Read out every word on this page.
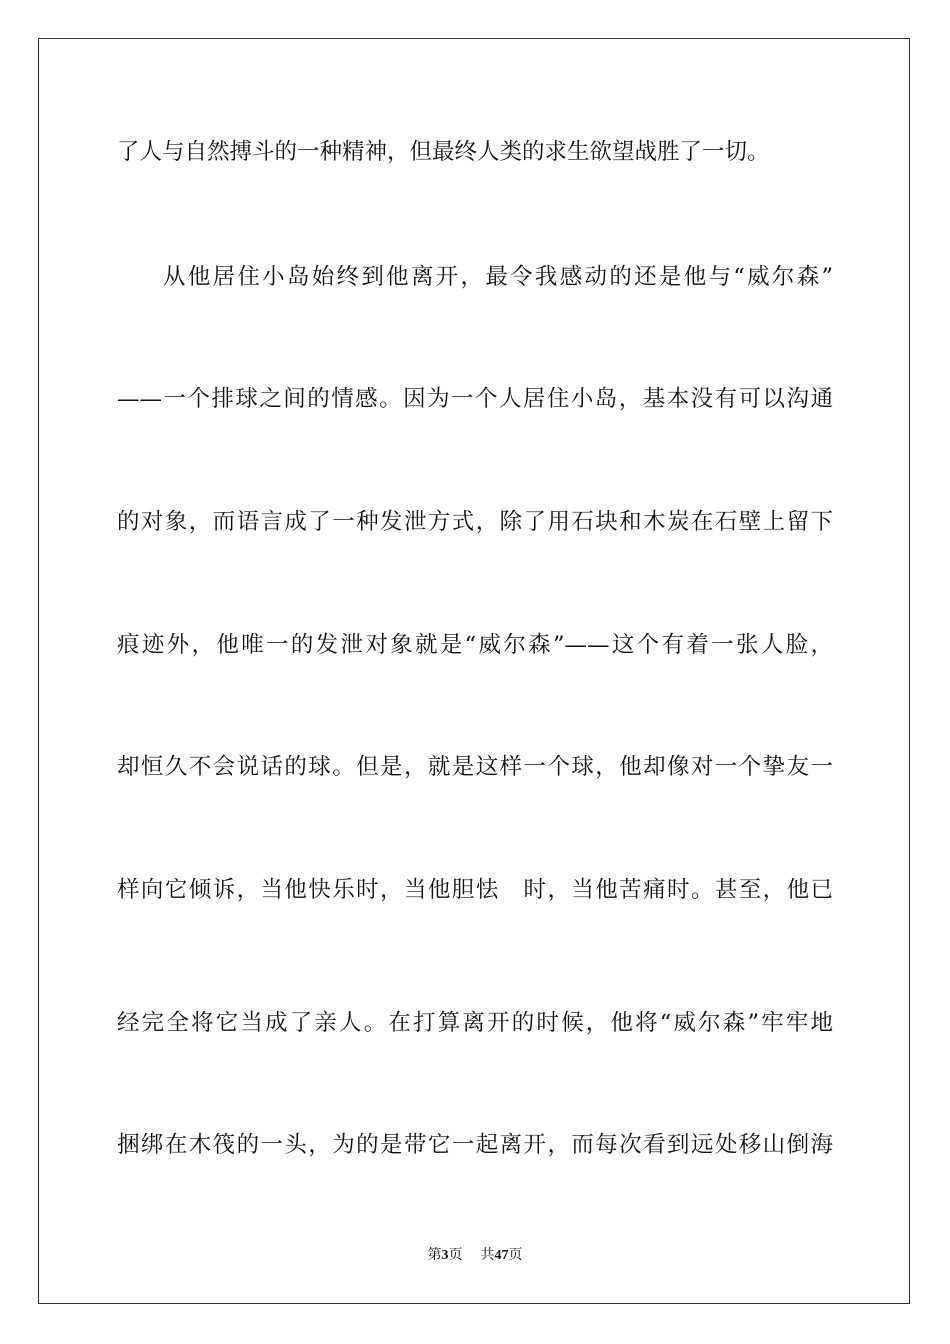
了人与自然搏斗的一种精神，但最终人类的求生欲望战胜了一切。
从他居住小岛始终到他离开，最令我感动的还是他与“威尔森”
——一个排球之间的情感。因为一个人居住小岛，基本没有可以沟通
的对象，而语言成了一种发泄方式，除了用石块和木炭在石壁上留下
痕迹外，他唯一的发泄对象就是“威尔森”——这个有着一张人脸，
却恒久不会说话的球。但是，就是这样一个球，他却像对一个挚友一
样向它倾诉，当他快乐时，当他胆怯　时，当他苦痛时。甚至，他已
经完全将它当成了亲人。在打算离开的时候，他将“威尔森”牢牢地
捆绑在木筏的一头，为的是带它一起离开，而每次看到远处移山倒海
第3页 共47页
